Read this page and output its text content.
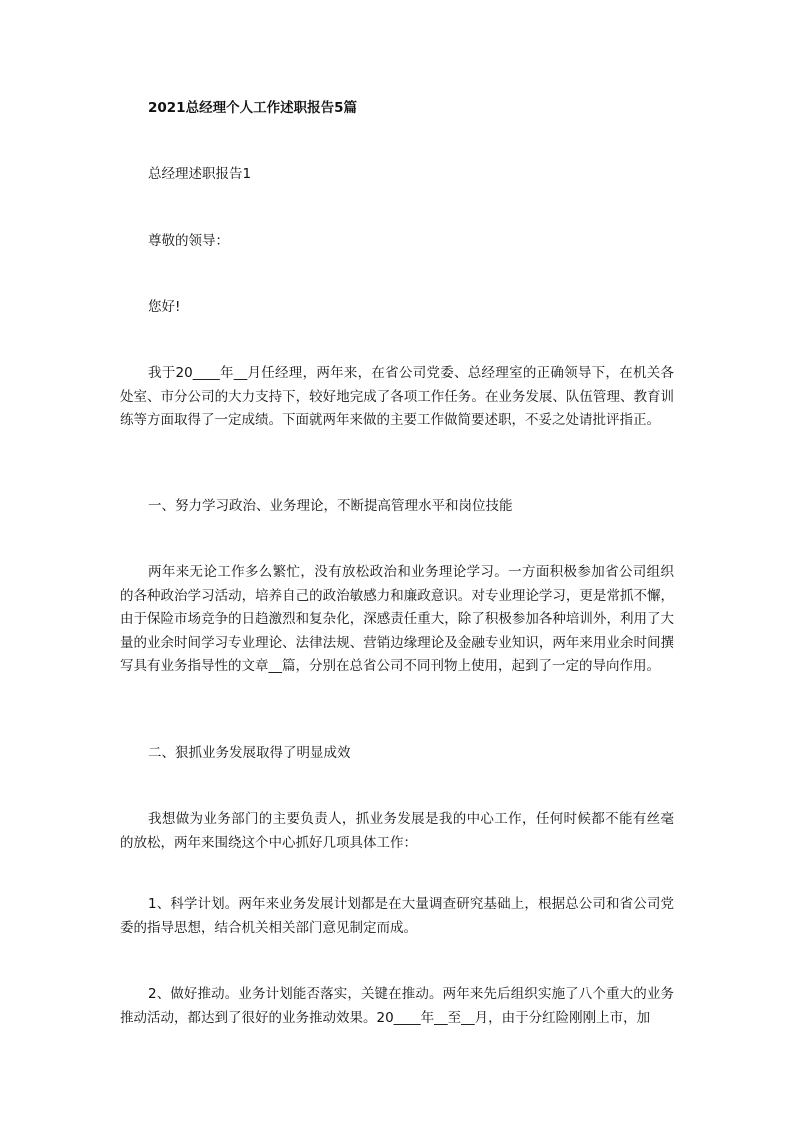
2021总经理个人工作述职报告5篇
总经理述职报告1
尊敬的领导：
您好!
我于20____年__月任经理，两年来，在省公司党委、总经理室的正确领导下，在机关各处室、市分公司的大力支持下，较好地完成了各项工作任务。在业务发展、队伍管理、教育训练等方面取得了一定成绩。下面就两年来做的主要工作做简要述职，不妥之处请批评指正。
一、努力学习政治、业务理论，不断提高管理水平和岗位技能
两年来无论工作多么繁忙，没有放松政治和业务理论学习。一方面积极参加省公司组织的各种政治学习活动，培养自己的政治敏感力和廉政意识。对专业理论学习，更是常抓不懈，由于保险市场竞争的日趋激烈和复杂化，深感责任重大，除了积极参加各种培训外，利用了大量的业余时间学习专业理论、法律法规、营销边缘理论及金融专业知识，两年来用业余时间撰写具有业务指导性的文章__篇，分别在总省公司不同刊物上使用，起到了一定的导向作用。
二、狠抓业务发展取得了明显成效
我想做为业务部门的主要负责人，抓业务发展是我的中心工作，任何时候都不能有丝毫的放松，两年来围绕这个中心抓好几项具体工作：
1、科学计划。两年来业务发展计划都是在大量调查研究基础上，根据总公司和省公司党委的指导思想，结合机关相关部门意见制定而成。
2、做好推动。业务计划能否落实，关键在推动。两年来先后组织实施了八个重大的业务推动活动，都达到了很好的业务推动效果。20____年__至__月，由于分红险刚刚上市，加
